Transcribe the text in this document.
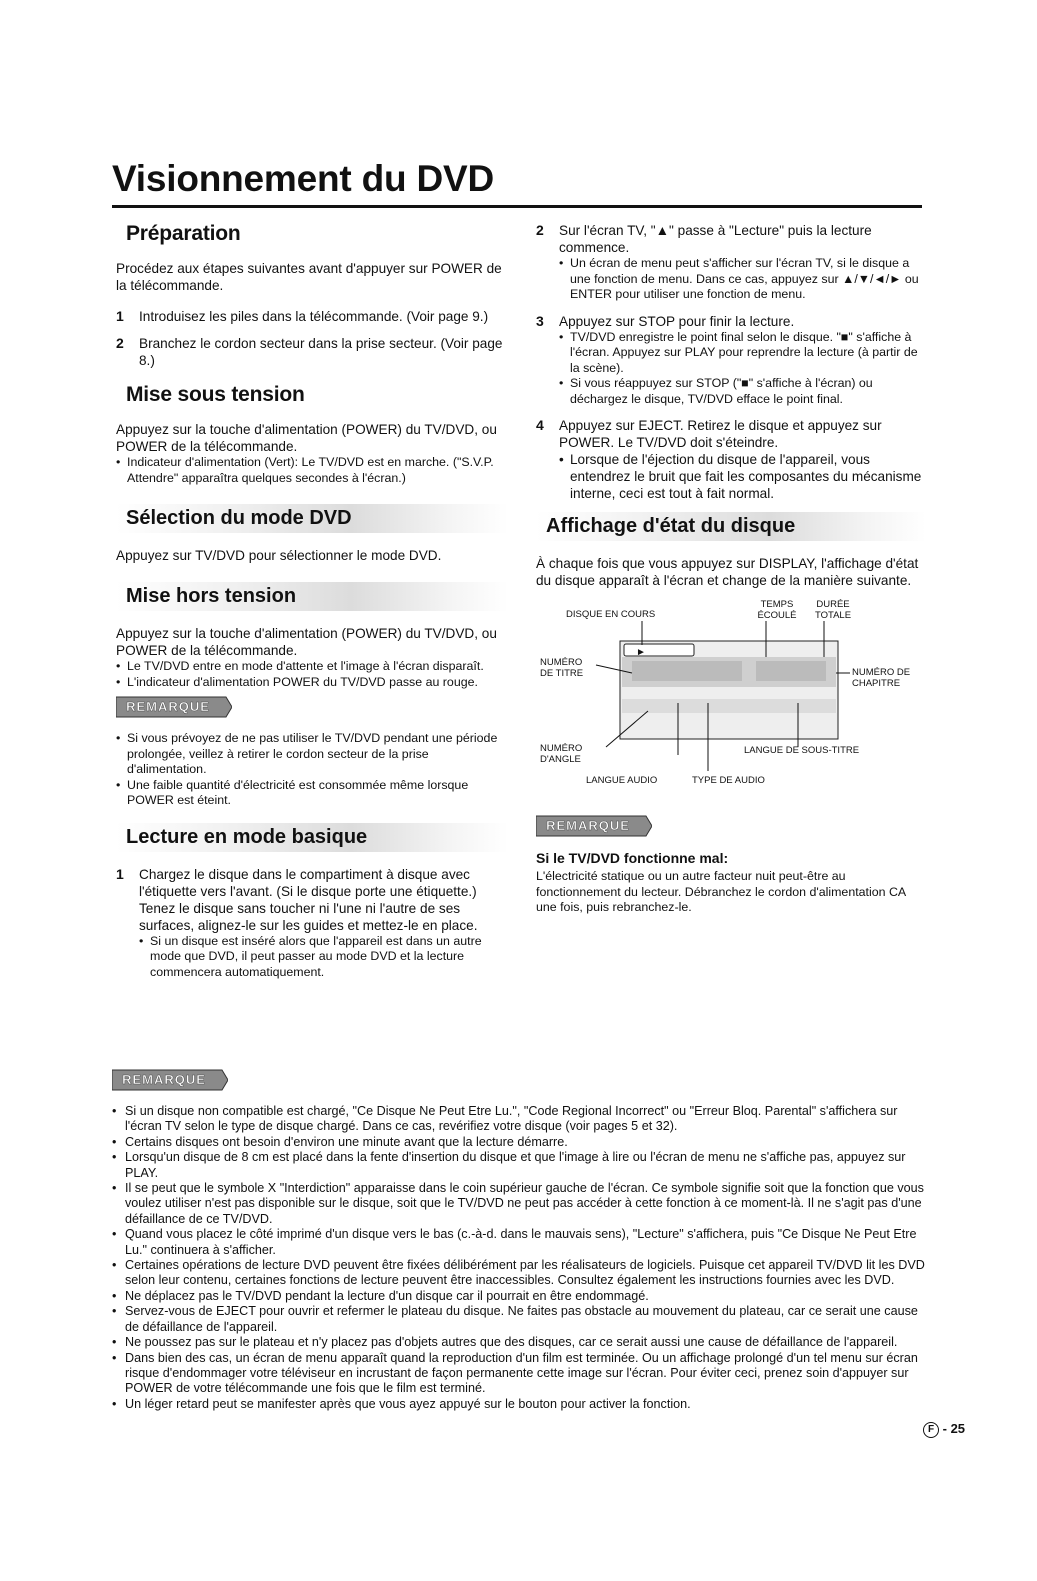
Visionnement du DVD
Préparation

Procédez aux étapes suivantes avant d'appuyer sur POWER de la télécommande.

1 Introduisez les piles dans la télécommande. (Voir page 9.)
2 Branchez le cordon secteur dans la prise secteur. (Voir page 8.)
Mise sous tension

Appuyez sur la touche d'alimentation (POWER) du TV/DVD, ou POWER de la télécommande.

• Indicateur d'alimentation (Vert): Le TV/DVD est en marche. ("S.V.P. Attendre" apparaîtra quelques secondes à l'écran.)
Sélection du mode DVD

Appuyez sur TV/DVD pour sélectionner le mode DVD.

Mise hors tension

Appuyez sur la touche d'alimentation (POWER) du TV/DVD, ou POWER de la télécommande.

• Le TV/DVD entre en mode d'attente et l'image à l'écran disparaît.
• L'indicateur d'alimentation POWER du TV/DVD passe au rouge.
REMARQUE
• Si vous prévoyez de ne pas utiliser le TV/DVD pendant une période prolongée, veillez à retirer le cordon secteur de la prise d'alimentation.
• Une faible quantité d'électricité est consommée même lorsque POWER est éteint.
Lecture en mode basique
1 Chargez le disque dans le compartiment à disque avec l'étiquette vers l'avant. (Si le disque porte une étiquette.) Tenez le disque sans toucher ni l'une ni l'autre de ses surfaces, alignez-le sur les guides et mettez-le en place.
• Si un disque est inséré alors que l'appareil est dans un autre mode que DVD, il peut passer au mode DVD et la lecture commencera automatiquement.
2 Sur l'écran TV, "▲" passe à "Lecture" puis la lecture commence.
• Un écran de menu peut s'afficher sur l'écran TV, si le disque a une fonction de menu. Dans ce cas, appuyez sur ▲/▼/◄/► ou ENTER pour utiliser une fonction de menu.
3 Appuyez sur STOP pour finir la lecture.
• TV/DVD enregistre le point final selon le disque. "■" s'affiche à l'écran. Appuyez sur PLAY pour reprendre la lecture (à partir de la scène).
• Si vous réappuyez sur STOP ("■" s'affiche à l'écran) ou déchargez le disque, TV/DVD efface le point final.
4 Appuyez sur EJECT. Retirez le disque et appuyez sur POWER. Le TV/DVD doit s'éteindre.
• Lorsque de l'éjection du disque de l'appareil, vous entendrez le bruit que fait les composantes du mécanisme interne, ceci est tout à fait normal.
Affichage d'état du disque

À chaque fois que vous appuyez sur DISPLAY, l'affichage d'état du disque apparaît à l'écran et change de la manière suivante.

►
DISQUE EN COURS
TEMPS ÉCOULÉ
DURÉE TOTALE
NUMÉRO DE TITRE	NUMÉRO DE CHAPITRE
NUMÉRO D'ANGLE
LANGUE DE SOUS-TITRE
LANGUE AUDIO	TYPE DE AUDIO
REMARQUE

Si le TV/DVD fonctionne mal:

L'électricité statique ou un autre facteur nuit peut-être au fonctionnement du lecteur. Débranchez le cordon d'alimentation CA une fois, puis rebranchez-le.

REMARQUE
• Si un disque non compatible est chargé, "Ce Disque Ne Peut Etre Lu.", "Code Regional Incorrect" ou "Erreur Bloq. Parental" s'affichera sur l'écran TV selon le type de disque chargé. Dans ce cas, revérifiez votre disque (voir pages 5 et 32).
• Certains disques ont besoin d'environ une minute avant que la lecture démarre.
• Lorsqu'un disque de 8 cm est placé dans la fente d'insertion du disque et que l'image à lire ou l'écran de menu ne s'affiche pas, appuyez sur PLAY.
• Il se peut que le symbole X "Interdiction" apparaisse dans le coin supérieur gauche de l'écran. Ce symbole signifie soit que la fonction que vous voulez utiliser n'est pas disponible sur le disque, soit que le TV/DVD ne peut pas accéder à cette fonction à ce moment-là. Il ne s'agit pas d'une défaillance de ce TV/DVD.
• Quand vous placez le côté imprimé d'un disque vers le bas (c.-à-d. dans le mauvais sens), "Lecture" s'affichera, puis "Ce Disque Ne Peut Etre Lu." continuera à s'afficher.
• Certaines opérations de lecture DVD peuvent être fixées délibérément par les réalisateurs de logiciels. Puisque cet appareil TV/DVD lit les DVD selon leur contenu, certaines fonctions de lecture peuvent être inaccessibles. Consultez également les instructions fournies avec les DVD.
• Ne déplacez pas le TV/DVD pendant la lecture d'un disque car il pourrait en être endommagé.
• Servez-vous de EJECT pour ouvrir et refermer le plateau du disque. Ne faites pas obstacle au mouvement du plateau, car ce serait une cause de défaillance de l'appareil.
• Ne poussez pas sur le plateau et n'y placez pas d'objets autres que des disques, car ce serait aussi une cause de défaillance de l'appareil.
• Dans bien des cas, un écran de menu apparaît quand la reproduction d'un film est terminée. Ou un affichage prolongé d'un tel menu sur écran risque d'endommager votre téléviseur en incrustant de façon permanente cette image sur l'écran. Pour éviter ceci, prenez soin d'appuyer sur POWER de votre télécommande une fois que le film est terminé.
• Un léger retard peut se manifester après que vous ayez appuyé sur le bouton pour activer la fonction.
F - 25
